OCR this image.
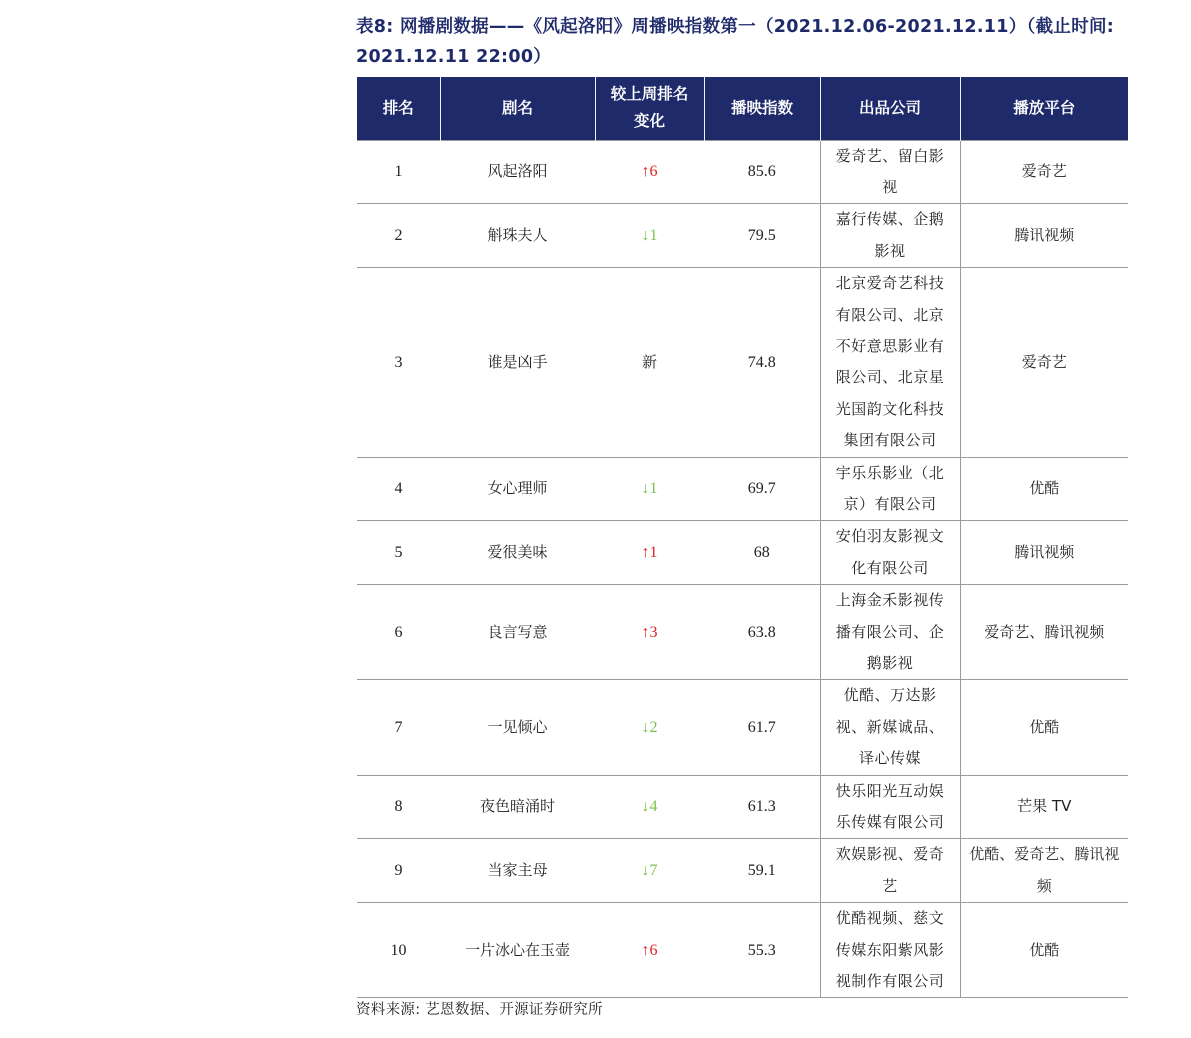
表8: 网播剧数据——《风起洛阳》周播映指数第一（2021.12.06-2021.12.11）（截止时间: 2021.12.11 22:00）
排名	剧名	较上周排名变化	播映指数	出品公司	播放平台
1	风起洛阳	↑6	85.6	爱奇艺、留白影视	爱奇艺
2	斛珠夫人	↓1	79.5	嘉行传媒、企鹅影视	腾讯视频
3	谁是凶手	新	74.8	北京爱奇艺科技有限公司、北京不好意思影业有限公司、北京星光国韵文化科技集团有限公司	爱奇艺
4	女心理师	↓1	69.7	宇乐乐影业（北京）有限公司	优酷
5	爱很美味	↑1	68	安伯羽友影视文化有限公司	腾讯视频
6	良言写意	↑3	63.8	上海金禾影视传播有限公司、企鹅影视	爱奇艺、腾讯视频
7	一见倾心	↓2	61.7	优酷、万达影视、新媒诚品、译心传媒	优酷
8	夜色暗涌时	↓4	61.3	快乐阳光互动娱乐传媒有限公司	芒果 TV
9	当家主母	↓7	59.1	欢娱影视、爱奇艺	优酷、爱奇艺、腾讯视频
10	一片冰心在玉壶	↑6	55.3	优酷视频、慈文传媒东阳紫风影视制作有限公司	优酷
资料来源: 艺恩数据、开源证券研究所
